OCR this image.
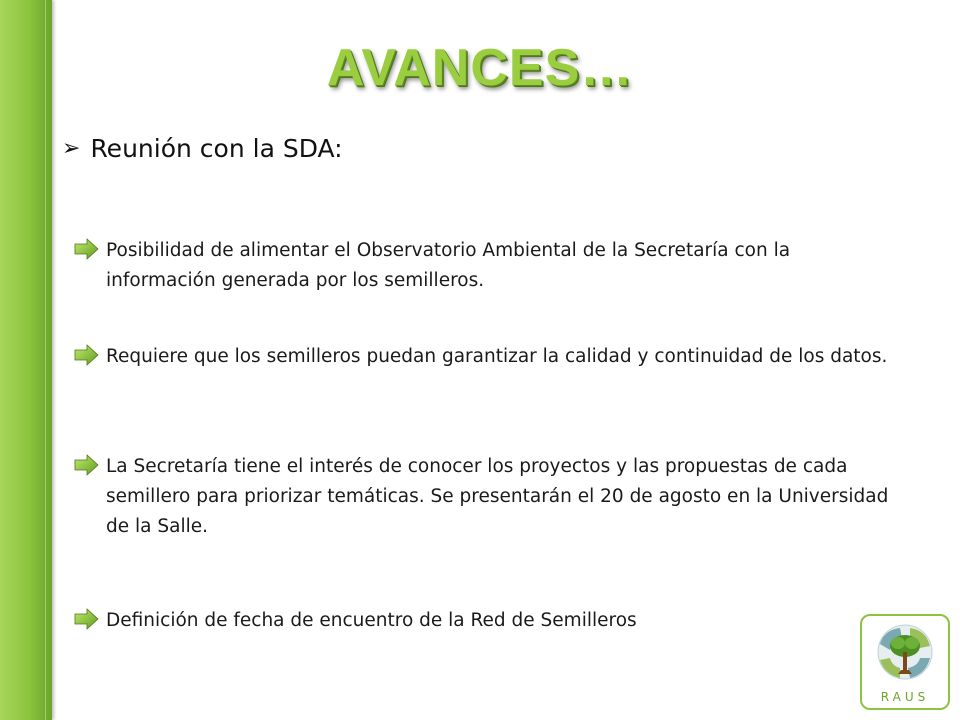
AVANCES…
➢ Reunión con la SDA:
Posibilidad de alimentar el Observatorio Ambiental de la Secretaría con la información generada por los semilleros.
Requiere que los semilleros puedan garantizar la calidad y continuidad de los datos.
La Secretaría tiene el interés de conocer los proyectos y las propuestas de cada semillero para priorizar temáticas. Se presentarán el 20 de agosto en la Universidad de la Salle.
Definición de fecha de encuentro de la Red de Semilleros
RAUS
